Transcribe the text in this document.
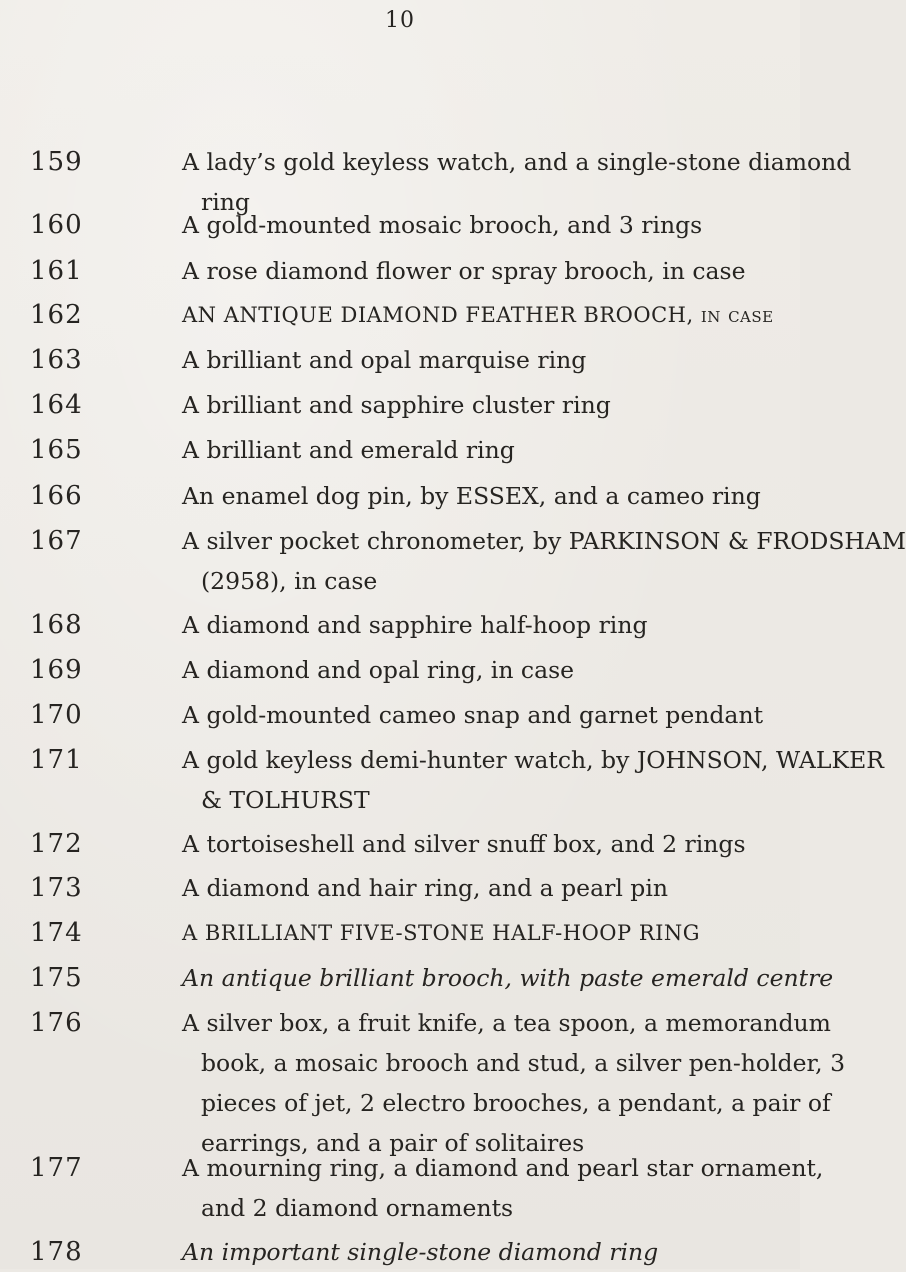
10
159	A lady’s gold keyless watch, and a single-stone diamond
ring
160	A gold-mounted mosaic brooch, and 3 rings
161	A rose diamond flower or spray brooch, in case
162	AN ANTIQUE DIAMOND FEATHER BROOCH, in case
163	A brilliant and opal marquise ring
164	A brilliant and sapphire cluster ring
165	A brilliant and emerald ring
166	An enamel dog pin, by ESSEX, and a cameo ring
167	A silver pocket chronometer, by PARKINSON & FRODSHAM
(2958), in case
168	A diamond and sapphire half-hoop ring
169	A diamond and opal ring, in case
170	A gold-mounted cameo snap and garnet pendant
171	A gold keyless demi-hunter watch, by JOHNSON, WALKER
& TOLHURST
172	A tortoiseshell and silver snuff box, and 2 rings
173	A diamond and hair ring, and a pearl pin
174	A BRILLIANT FIVE-STONE HALF-HOOP RING
175	An antique brilliant brooch, with paste emerald centre
176	A silver box, a fruit knife, a tea spoon, a memorandum
book, a mosaic brooch and stud, a silver pen-holder, 3
pieces of jet, 2 electro brooches, a pendant, a pair of
earrings, and a pair of solitaires
177	A mourning ring, a diamond and pearl star ornament,
and 2 diamond ornaments
178	An important single-stone diamond ring
